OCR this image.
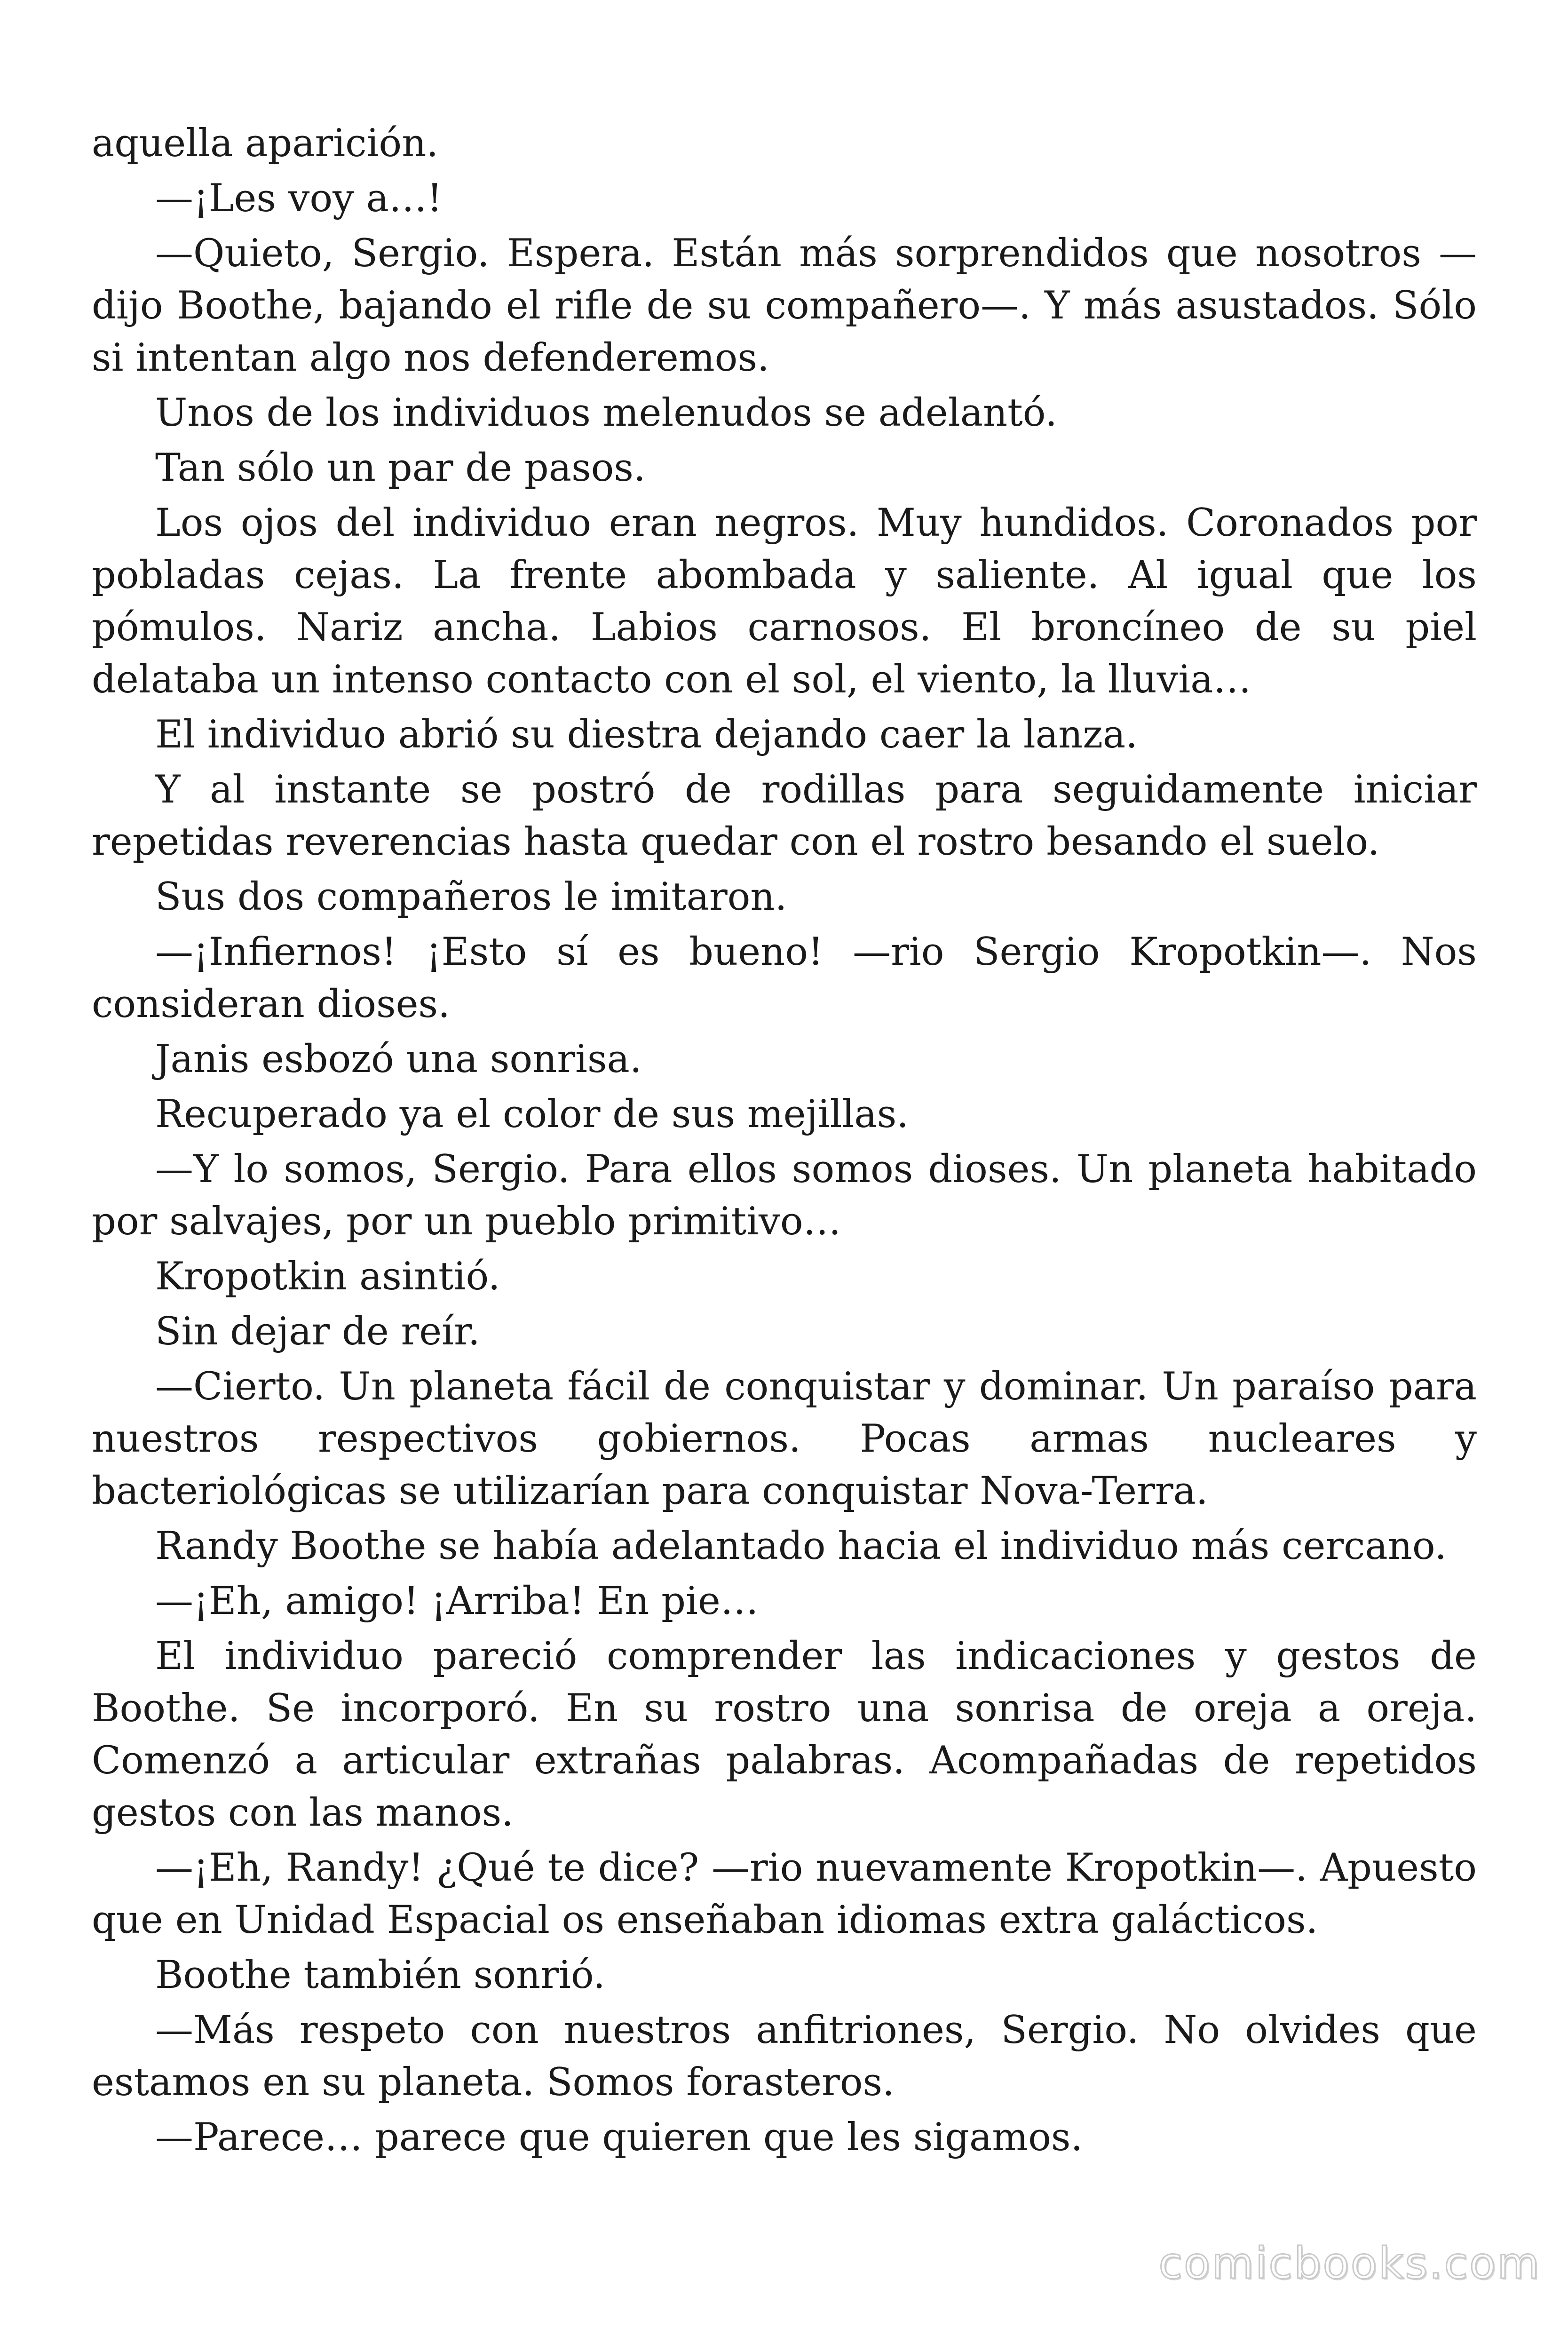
aquella aparición.

—¡Les voy a…!

—Quieto, Sergio. Espera. Están más sorprendidos que nosotros —dijo Boothe, bajando el rifle de su compañero—. Y más asustados. Sólo si intentan algo nos defenderemos.

Unos de los individuos melenudos se adelantó.

Tan sólo un par de pasos.

Los ojos del individuo eran negros. Muy hundidos. Coronados por pobladas cejas. La frente abombada y saliente. Al igual que los pómulos. Nariz ancha. Labios carnosos. El broncíneo de su piel delataba un intenso contacto con el sol, el viento, la lluvia…

El individuo abrió su diestra dejando caer la lanza.

Y al instante se postró de rodillas para seguidamente iniciar repetidas reverencias hasta quedar con el rostro besando el suelo.

Sus dos compañeros le imitaron.

—¡Infiernos! ¡Esto sí es bueno! —rio Sergio Kropotkin—. Nos consideran dioses.

Janis esbozó una sonrisa.

Recuperado ya el color de sus mejillas.

—Y lo somos, Sergio. Para ellos somos dioses. Un planeta habitado por salvajes, por un pueblo primitivo…

Kropotkin asintió.

Sin dejar de reír.

—Cierto. Un planeta fácil de conquistar y dominar. Un paraíso para nuestros respectivos gobiernos. Pocas armas nucleares y bacteriológicas se utilizarían para conquistar Nova-Terra.

Randy Boothe se había adelantado hacia el individuo más cercano.

—¡Eh, amigo! ¡Arriba! En pie…

El individuo pareció comprender las indicaciones y gestos de Boothe. Se incorporó. En su rostro una sonrisa de oreja a oreja. Comenzó a articular extrañas palabras. Acompañadas de repetidos gestos con las manos.

—¡Eh, Randy! ¿Qué te dice? —rio nuevamente Kropotkin—. Apuesto que en Unidad Espacial os enseñaban idiomas extra galácticos.

Boothe también sonrió.

—Más respeto con nuestros anfitriones, Sergio. No olvides que estamos en su planeta. Somos forasteros.

—Parece… parece que quieren que les sigamos.

comicbooks.com
